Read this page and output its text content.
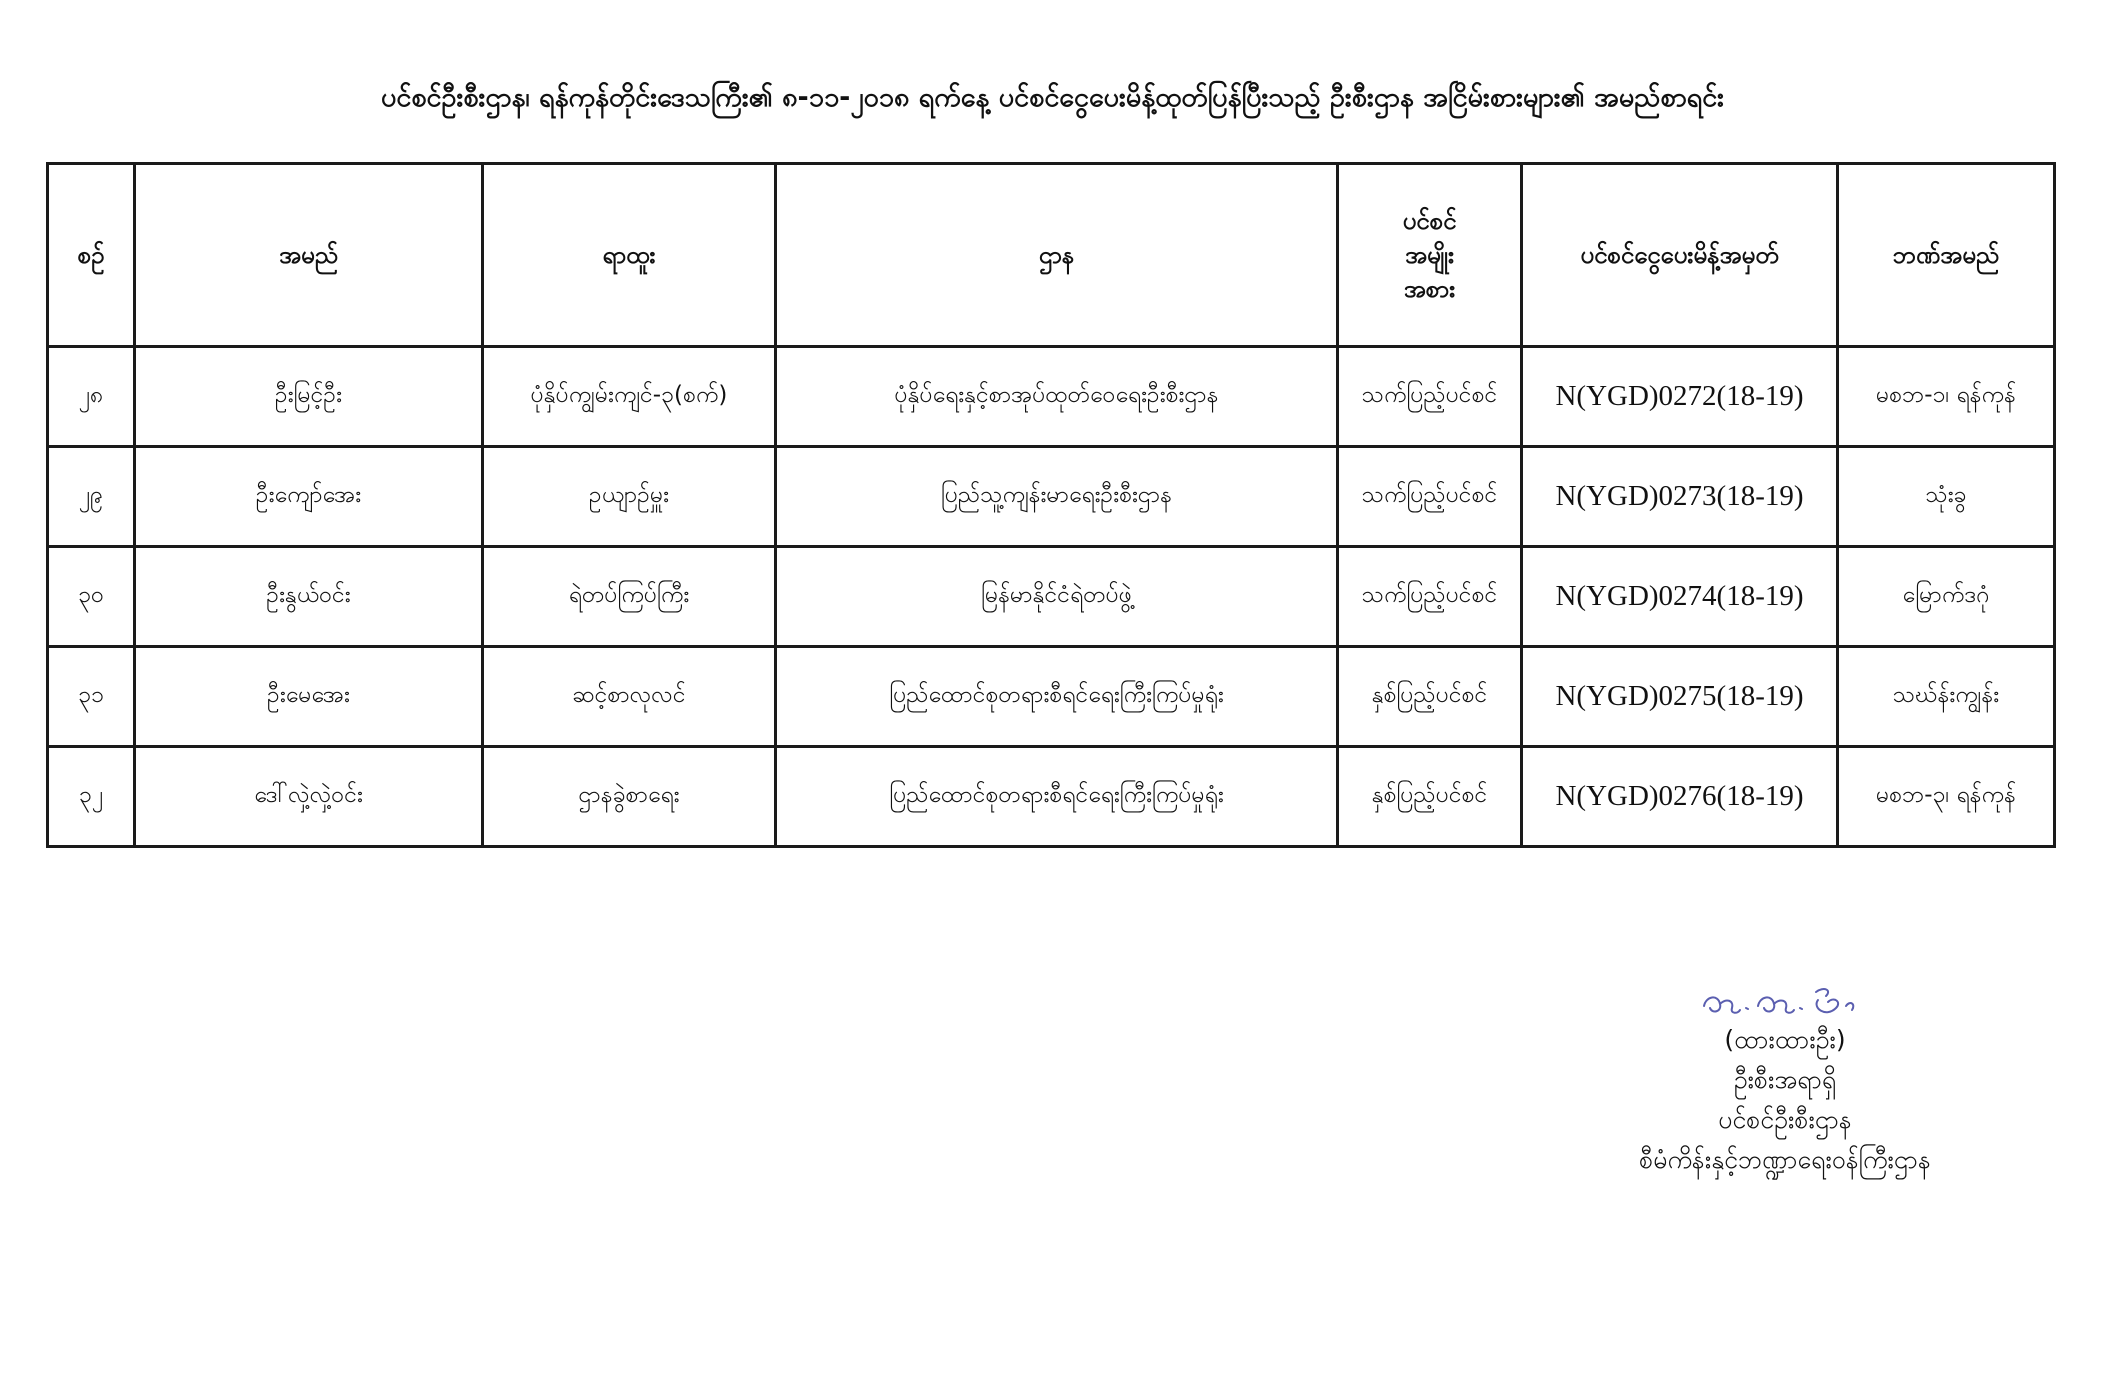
ပင်စင်ဦးစီးဌာန၊ ရန်ကုန်တိုင်းဒေသကြီး၏ ၈-၁၁-၂၀၁၈ ရက်နေ့ ပင်စင်ငွေပေးမိန့်ထုတ်ပြန်ပြီးသည့် ဦးစီးဌာန အငြိမ်းစားများ၏ အမည်စာရင်း
စဥ်	အမည်	ရာထူး	ဌာန	ပင်စင်
အမျိုး
အစား	ပင်စင်ငွေပေးမိန့်အမှတ်	ဘဏ်အမည်
၂၈	ဦးမြင့်ဦး	ပုံနှိပ်ကျွမ်းကျင်-၃(စက်)	ပုံနှိပ်ရေးနှင့်စာအုပ်ထုတ်ဝေရေးဦးစီးဌာန	သက်ပြည့်ပင်စင်	N(YGD)0272(18-19)	မစဘ-၁၊ ရန်ကုန်
၂၉	ဦးကျော်အေး	ဥယျာဥ်မှူး	ပြည်သူ့ကျန်းမာရေးဦးစီးဌာန	သက်ပြည့်ပင်စင်	N(YGD)0273(18-19)	သုံးခွ
၃၀	ဦးနွယ်ဝင်း	ရဲတပ်ကြပ်ကြီး	မြန်မာနိုင်ငံရဲတပ်ဖွဲ့	သက်ပြည့်ပင်စင်	N(YGD)0274(18-19)	မြောက်ဒဂုံ
၃၁	ဦးမေအေး	ဆင့်စာလုလင်	ပြည်ထောင်စုတရားစီရင်ရေးကြီးကြပ်မှုရုံး	နှစ်ပြည့်ပင်စင်	N(YGD)0275(18-19)	သဃ်န်းကျွန်း
၃၂	ဒေါ်လှဲ့လှဲ့ဝင်း	ဌာနခွဲစာရေး	ပြည်ထောင်စုတရားစီရင်ရေးကြီးကြပ်မှုရုံး	နှစ်ပြည့်ပင်စင်	N(YGD)0276(18-19)	မစဘ-၃၊ ရန်ကုန်
(ထားထားဦး)
ဦးစီးအရာရှိ
ပင်စင်ဦးစီးဌာန
စီမံကိန်းနှင့်ဘဏ္ဍာရေးဝန်ကြီးဌာန
